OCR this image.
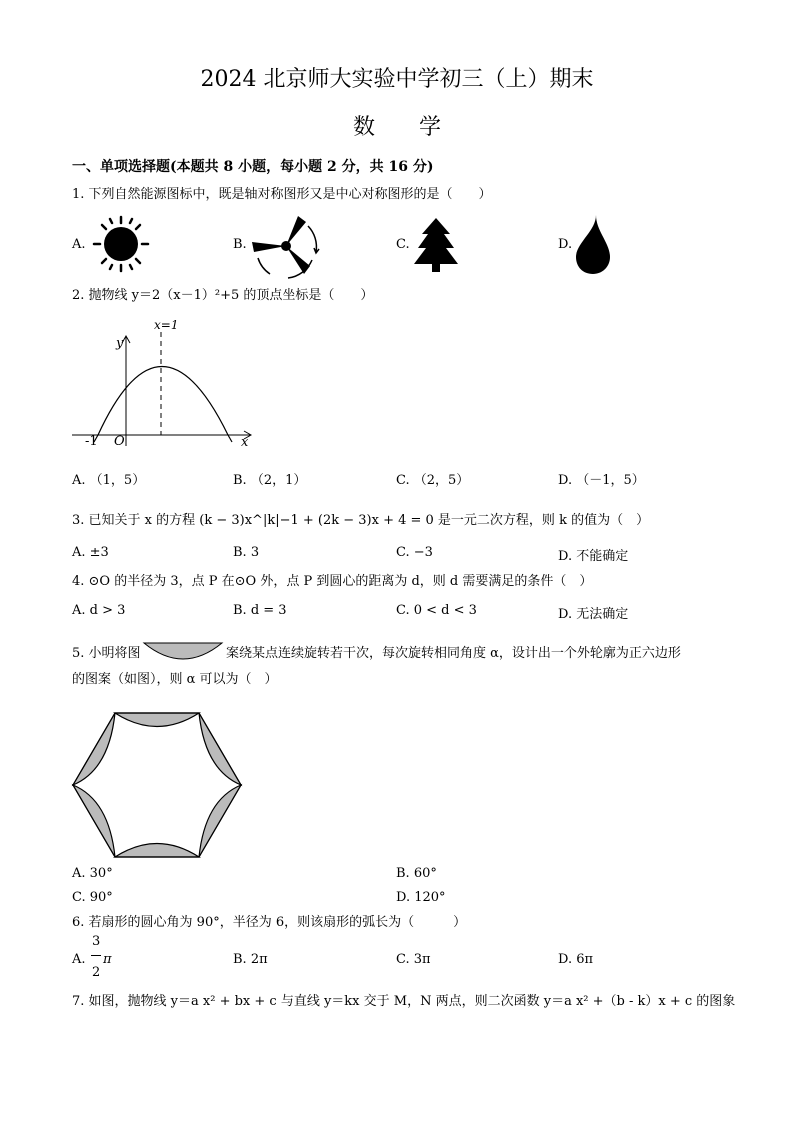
2024 北京师大实验中学初三（上）期末
数　　学
一、单项选择题(本题共 8 小题，每小题 2 分，共 16 分)
1. 下列自然能源图标中，既是轴对称图形又是中心对称图形的是（　　）
A.	B.	C.	D.
2. 抛物线 y＝2（x－1）²+5 的顶点坐标是（　　）
x=1
y
x
O
-1
A. （1，5）	B. （2，1）	C. （2，5）	D. （－1，5）
3. 已知关于 x 的方程 (k − 3)x^|k|−1 + (2k − 3)x + 4 = 0 是一元二次方程，则 k 的值为（　）
A. ±3	B. 3	C. −3	D. 不能确定
4. ⊙O 的半径为 3，点 P 在⊙O 外，点 P 到圆心的距离为 d，则 d 需要满足的条件（　）
A. d > 3	B. d = 3	C. 0 < d < 3	D. 无法确定
5. 小明将图	案绕某点连续旋转若干次，每次旋转相同角度 α，设计出一个外轮廓为正六边形
的图案（如图），则 α 可以为（　）
A. 30°	B. 60°
C. 90°	D. 120°
6. 若扇形的圆心角为 90°，半径为 6，则该扇形的弧长为（　　　）
A.
3
2
π	B. 2π	C. 3π	D. 6π
7. 如图，抛物线 y＝a x² + bx + c 与直线 y＝kx 交于 M，N 两点，则二次函数 y＝a x² +（b - k）x + c 的图象
